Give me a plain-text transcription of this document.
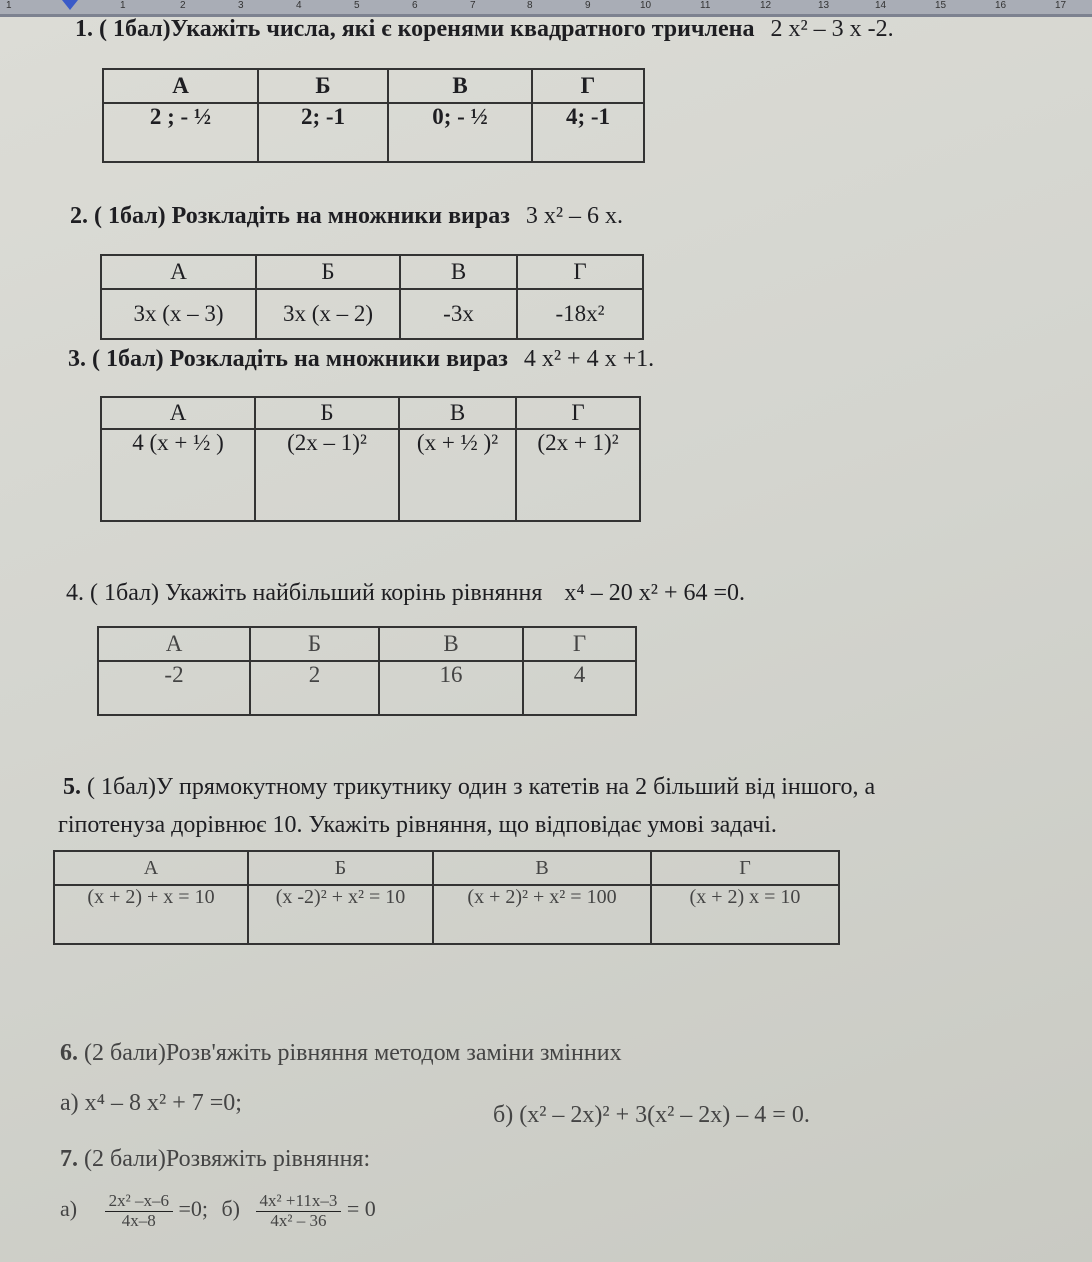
1	1	2	3	4	5	6	7	8	9	10	11	12	13	14	15	16	17
1. ( 1бал)Укажіть числа, які є коренями квадратного тричлена 2 x² – 3 x -2.
А	Б	В	Г
2 ; - ½	2; -1	0; - ½	4; -1
2. ( 1бал) Розкладіть на множники вираз 3 x² – 6 x.
А	Б	В	Г
3x (x – 3)	3x (x – 2)	-3x	-18x²
3. ( 1бал) Розкладіть на множники вираз 4 x² + 4 x +1.
А	Б	В	Г
4 (x + ½ )	(2x – 1)²	(x + ½ )²	(2x + 1)²
4. ( 1бал) Укажіть найбільший корінь рівняння x⁴ – 20 x² + 64 =0.
А	Б	В	Г
-2	2	16	4
5. ( 1бал)У прямокутному трикутнику один з катетів на 2 більший від іншого, а
гіпотенуза дорівнює 10. Укажіть рівняння, що відповідає умові задачі.
А	Б	В	Г
(x + 2) + x = 10	(x -2)² + x² = 10	(x + 2)² + x² = 100	(x + 2) x = 10
6. (2 бали)Розв'яжіть рівняння методом заміни змінних
а) x⁴ – 8 x² + 7 =0;	б) (x² – 2x)² + 3(x² – 2x) – 4 = 0.
7. (2 бали)Розвяжіть рівняння:
$а) \frac{\text{2x² –x–6}}{4x-8} =0$; $б) \frac{\text{4x² +11x–3}}{\text{4x² – 36}} = 0$
